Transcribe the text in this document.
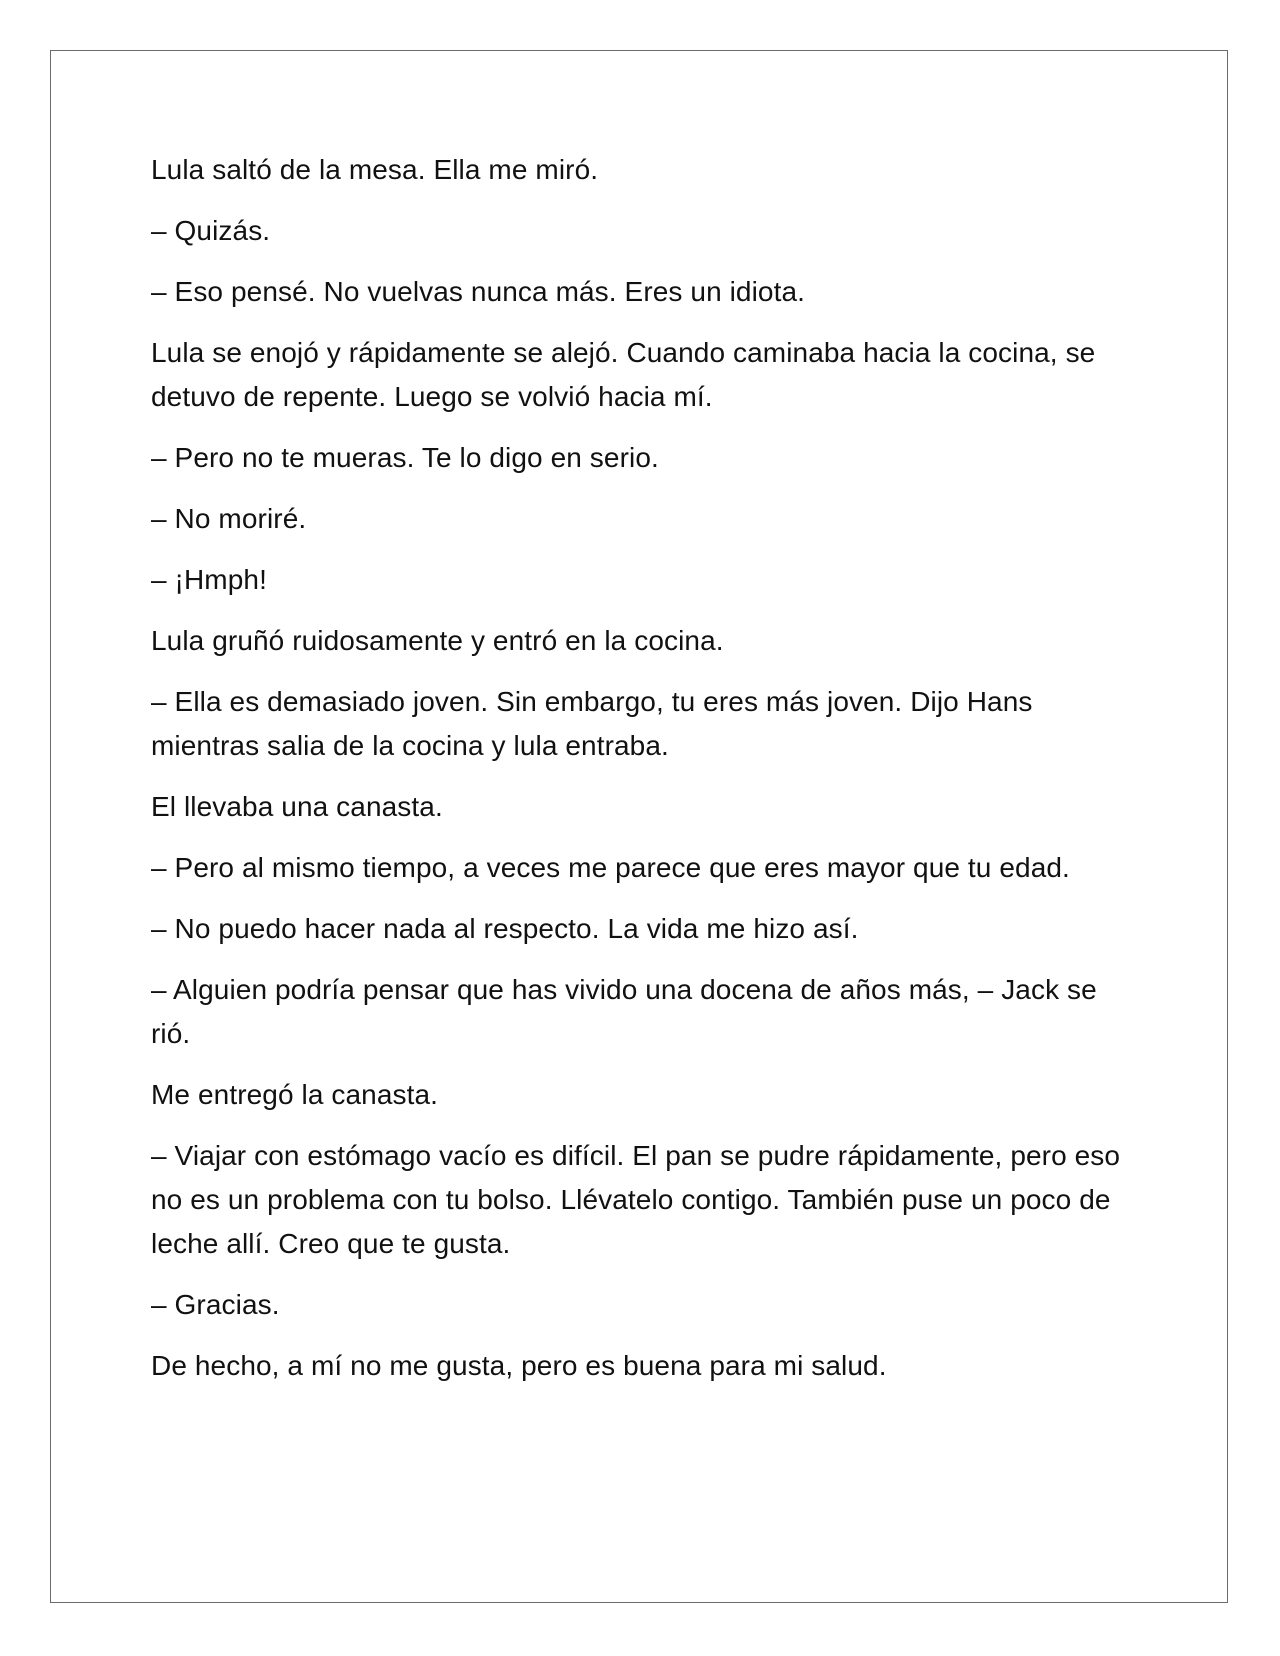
Lula saltó de la mesa. Ella me miró.

– Quizás.

– Eso pensé. No vuelvas nunca más. Eres un idiota.

Lula se enojó y rápidamente se alejó. Cuando caminaba hacia la cocina, se detuvo de repente. Luego se volvió hacia mí.

– Pero no te mueras. Te lo digo en serio.

– No moriré.

– ¡Hmph!

Lula gruñó ruidosamente y entró en la cocina.

– Ella es demasiado joven. Sin embargo, tu eres más joven. Dijo Hans mientras salia de la cocina y lula entraba.

El llevaba una canasta.

– Pero al mismo tiempo, a veces me parece que eres mayor que tu edad.

– No puedo hacer nada al respecto. La vida me hizo así.

– Alguien podría pensar que has vivido una docena de años más, – Jack se rió.

Me entregó la canasta.

– Viajar con estómago vacío es difícil. El pan se pudre rápidamente, pero eso no es un problema con tu bolso. Llévatelo contigo. También puse un poco de leche allí. Creo que te gusta.

– Gracias.

De hecho, a mí no me gusta, pero es buena para mi salud.
